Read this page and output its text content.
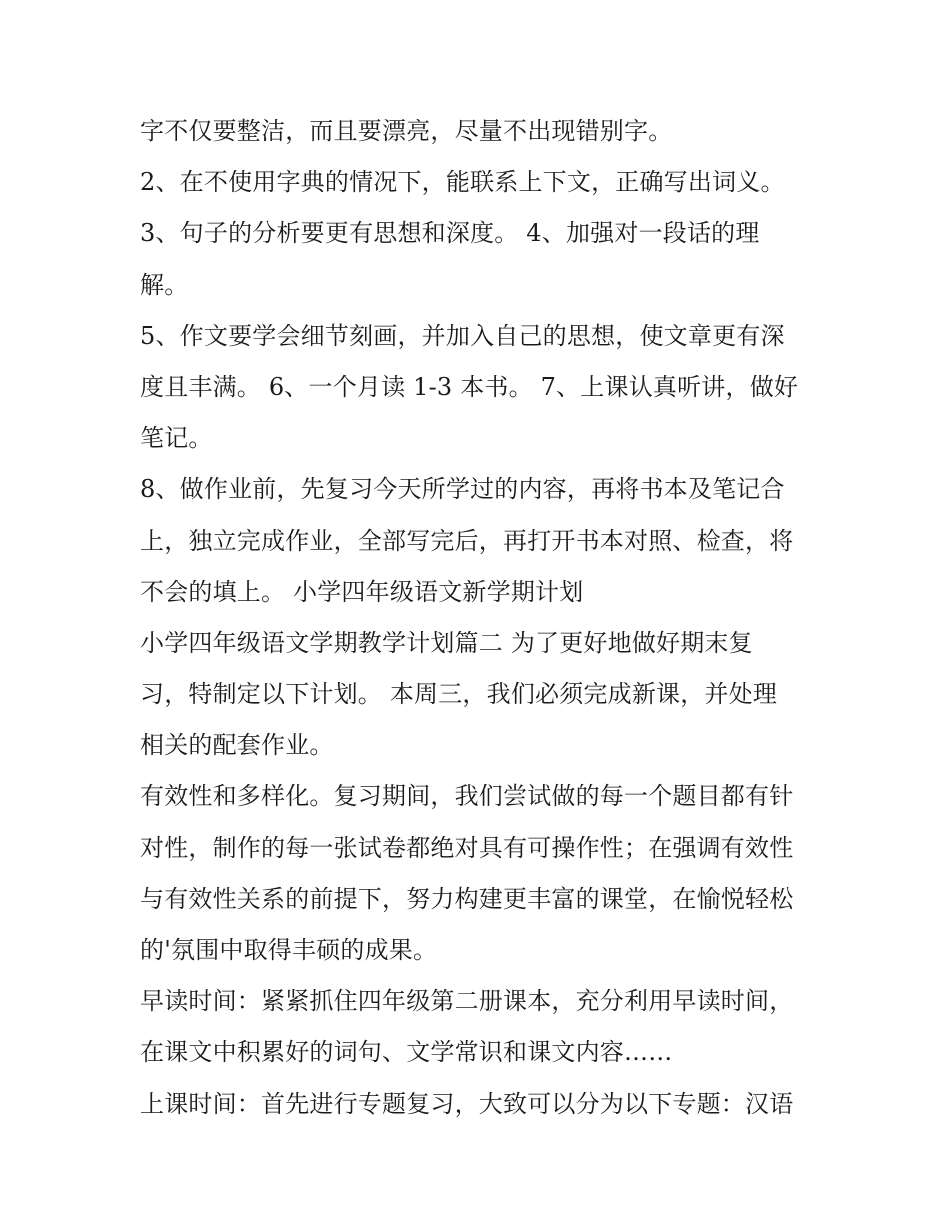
字不仅要整洁，而且要漂亮，尽量不出现错别字。
2、在不使用字典的情况下，能联系上下文，正确写出词义。
3、句子的分析要更有思想和深度。 4、加强对一段话的理
解。
5、作文要学会细节刻画，并加入自己的思想，使文章更有深
度且丰满。 6、一个月读 1-3 本书。 7、上课认真听讲，做好
笔记。
8、做作业前，先复习今天所学过的内容，再将书本及笔记合
上，独立完成作业，全部写完后，再打开书本对照、检查，将
不会的填上。 小学四年级语文新学期计划
小学四年级语文学期教学计划篇二 为了更好地做好期末复
习，特制定以下计划。 本周三，我们必须完成新课，并处理
相关的配套作业。
有效性和多样化。复习期间，我们尝试做的每一个题目都有针
对性，制作的每一张试卷都绝对具有可操作性；在强调有效性
与有效性关系的前提下，努力构建更丰富的课堂，在愉悦轻松
的'氛围中取得丰硕的成果。
早读时间：紧紧抓住四年级第二册课本，充分利用早读时间，
在课文中积累好的词句、文学常识和课文内容……
上课时间：首先进行专题复习，大致可以分为以下专题：汉语
